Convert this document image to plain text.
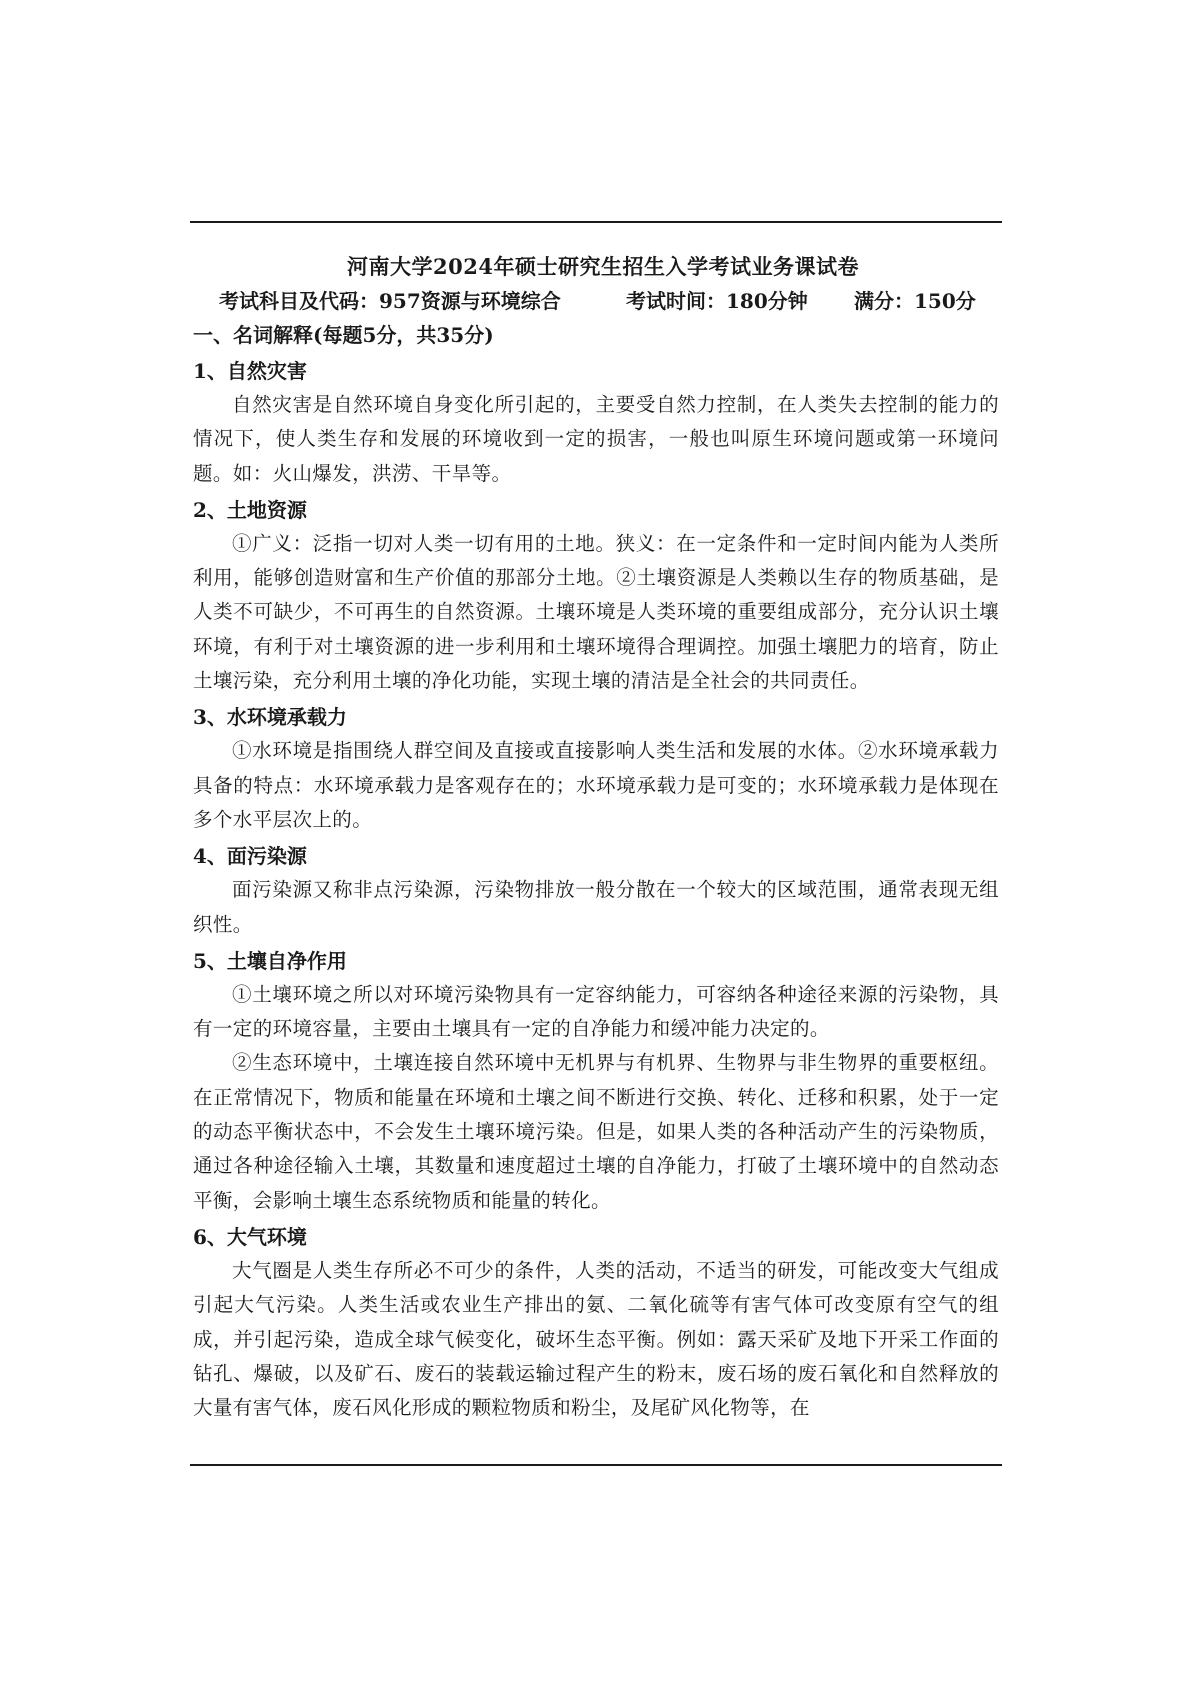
河南大学2024年硕士研究生招生入学考试业务课试卷
考试科目及代码：957资源与环境综合	考试时间：180分钟	满分：150分
一、名词解释(每题5分，共35分)
1、自然灾害
自然灾害是自然环境自身变化所引起的，主要受自然力控制，在人类失去控制的能力的情况下，使人类生存和发展的环境收到一定的损害，一般也叫原生环境问题或第一环境问题。如：火山爆发，洪涝、干旱等。
2、土地资源
①广义：泛指一切对人类一切有用的土地。狭义：在一定条件和一定时间内能为人类所利用，能够创造财富和生产价值的那部分土地。②土壤资源是人类赖以生存的物质基础，是人类不可缺少，不可再生的自然资源。土壤环境是人类环境的重要组成部分，充分认识土壤环境，有利于对土壤资源的进一步利用和土壤环境得合理调控。加强土壤肥力的培育，防止土壤污染，充分利用土壤的净化功能，实现土壤的清洁是全社会的共同责任。
3、水环境承载力
①水环境是指围绕人群空间及直接或直接影响人类生活和发展的水体。②水环境承载力具备的特点：水环境承载力是客观存在的；水环境承载力是可变的；水环境承载力是体现在多个水平层次上的。
4、面污染源
面污染源又称非点污染源，污染物排放一般分散在一个较大的区域范围，通常表现无组织性。
5、土壤自净作用
①土壤环境之所以对环境污染物具有一定容纳能力，可容纳各种途径来源的污染物，具有一定的环境容量，主要由土壤具有一定的自净能力和缓冲能力决定的。
②生态环境中，土壤连接自然环境中无机界与有机界、生物界与非生物界的重要枢纽。在正常情况下，物质和能量在环境和土壤之间不断进行交换、转化、迁移和积累，处于一定的动态平衡状态中，不会发生土壤环境污染。但是，如果人类的各种活动产生的污染物质，通过各种途径输入土壤，其数量和速度超过土壤的自净能力，打破了土壤环境中的自然动态平衡，会影响土壤生态系统物质和能量的转化。
6、大气环境
大气圈是人类生存所必不可少的条件，人类的活动，不适当的研发，可能改变大气组成引起大气污染。人类生活或农业生产排出的氨、二氧化硫等有害气体可改变原有空气的组成，并引起污染，造成全球气候变化，破坏生态平衡。例如：露天采矿及地下开采工作面的钻孔、爆破，以及矿石、废石的装载运输过程产生的粉末，废石场的废石氧化和自然释放的大量有害气体，废石风化形成的颗粒物质和粉尘，及尾矿风化物等，在
